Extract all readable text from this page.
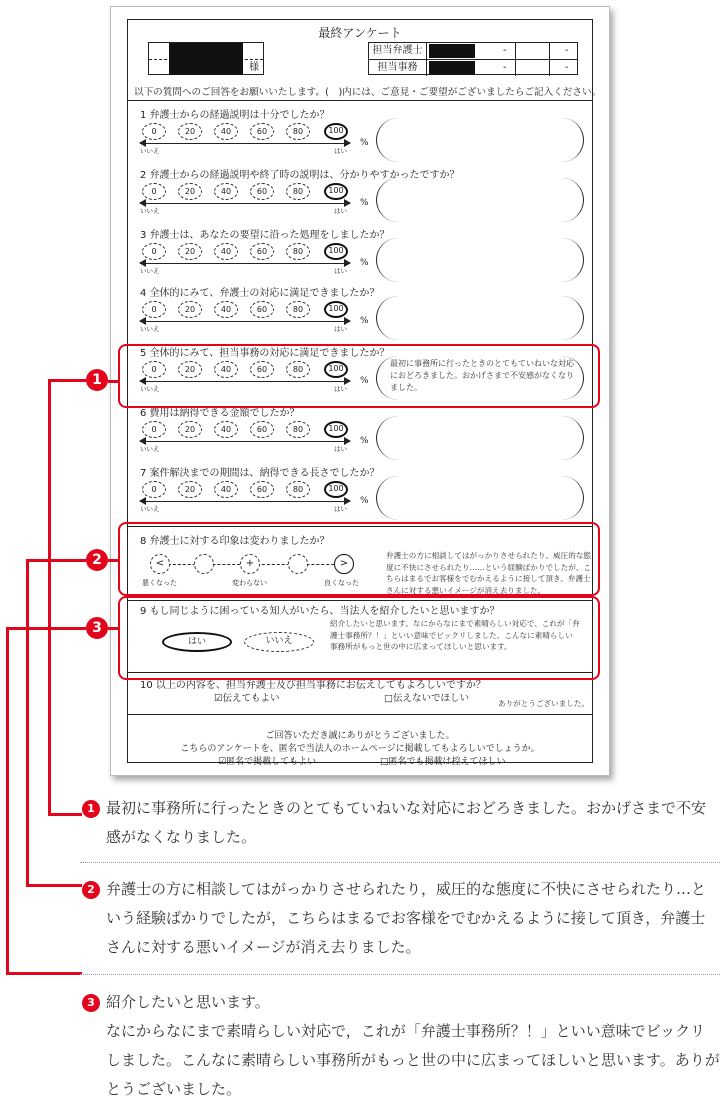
最終アンケート
様
担当弁護士	-	-
担当事務	-	-
以下の質問へのご回答をお願いいたします。(　)内には、ご意見・ご要望がございましたらご記入ください。
1 弁護士からの経過説明は十分でしたか？
0	20	40	60	80	100
%
いいえ	はい
2 弁護士からの経過説明や終了時の説明は、分かりやすかったですか？
0	20	40	60	80	100
%
いいえ	はい
3 弁護士は、あなたの要望に沿った処理をしましたか？
0	20	40	60	80	100
%
いいえ	はい
4 全体的にみて、弁護士の対応に満足できましたか？
0	20	40	60	80	100
%
いいえ	はい
5 全体的にみて、担当事務の対応に満足できましたか？
0	20	40	60	80	100
%
いいえ	はい
最初に事務所に行ったときのとてもていねいな対応におどろきました。おかげさまで不安感がなくなりました。
6 費用は納得できる金額でしたか？
0	20	40	60	80	100
%
いいえ	はい
7 案件解決までの期間は、納得できる長さでしたか？
0	20	40	60	80	100
%
いいえ	はい
8 弁護士に対する印象は変わりましたか？
<	+	>
悪くなった	変わらない	良くなった
弁護士の方に相談してはがっかりさせられたり、威圧的な態度に不快にさせられたり……という経験ばかりでしたが、こちらはまるでお客様をでむかえるように接して頂き、弁護士さんに対する悪いイメージが消え去りました。
9 もし同じように困っている知人がいたら、当法人を紹介したいと思いますか？
はい	いいえ
紹介したいと思います。なにからなにまで素晴らしい対応で、これが「弁護士事務所？！」といい意味でビックリしました。こんなに素晴らしい事務所がもっと世の中に広まってほしいと思います。
10 以上の内容を、担当弁護士及び担当事務にお伝えしてもよろしいですか？
☑伝えてもよい	□伝えないでほしい	ありがとうございました。
ご回答いただき誠にありがとうございました。
こちらのアンケートを、匿名で当法人のホームページに掲載してもよろしいでしょうか。
☑匿名で掲載してもよい	□匿名でも掲載は控えてほしい
1
2
3
1 最初に事務所に行ったときのとてもていねいな対応におどろきました。おかげさまで不安感がなくなりました。
2 弁護士の方に相談してはがっかりさせられたり，威圧的な態度に不快にさせられたり…という経験ばかりでしたが，こちらはまるでお客様をでむかえるように接して頂き，弁護士さんに対する悪いイメージが消え去りました。
3 紹介したいと思います。
なにからなにまで素晴らしい対応で，これが「弁護士事務所？！」といい意味でビックリしました。こんなに素晴らしい事務所がもっと世の中に広まってほしいと思います。ありがとうございました。
